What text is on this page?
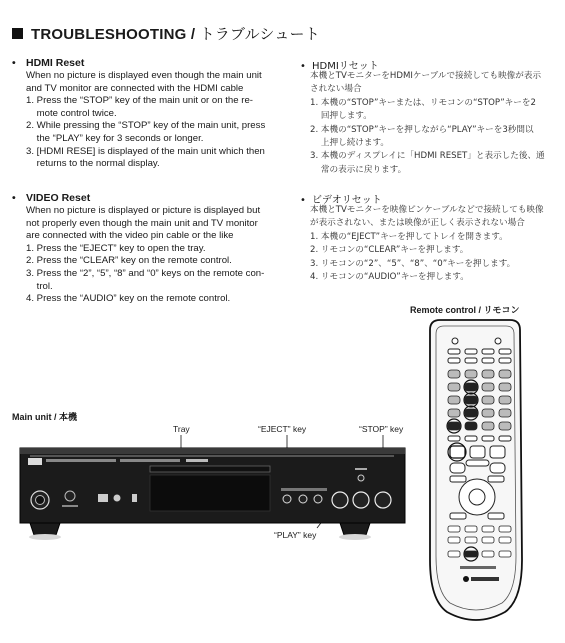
TROUBLESHOOTING / トラブルシュート
• HDMI Reset
When no picture is displayed even though the main unit
and TV monitor are connected with the HDMI cable
1. Press the “STOP” key of the main unit or on the re-
mote control twice.
2. While pressing the “STOP” key of the main unit, press
the “PLAY” key for 3 seconds or longer.
3. [HDMI RESE] is displayed of the main unit which then
returns to the normal display.
• VIDEO Reset
When no picture is displayed or picture is displayed but
not properly even though the main unit and TV monitor
are connected with the video pin cable or the like
1. Press the “EJECT” key to open the tray.
2. Press the “CLEAR” key on the remote control.
3. Press the “2”, “5”, “8” and “0” keys on the remote con-
trol.
4. Press the “AUDIO” key on the remote control.
• HDMIリセット
本機とTVモニターをHDMIケーブルで接続しても映像が表示
されない場合
1. 本機の“STOP”キーまたは、リモコンの“STOP”キーを2
回押します。
2. 本機の“STOP”キーを押しながら“PLAY”キーを3秒間以
上押し続けます。
3. 本機のディスプレイに「HDMI RESET」と表示した後、通
常の表示に戻ります。
• ビデオリセット
本機とTVモニターを映像ピンケーブルなどで接続しても映像
が表示されない、または映像が正しく表示されない場合
1. 本機の“EJECT”キーを押してトレイを開きます。
2. リモコンの“CLEAR”キーを押します。
3. リモコンの“2”、“5”、“8”、“0”キーを押します。
4. リモコンの“AUDIO”キーを押します。
Remote control / リモコン
Main unit / 本機
Tray	“EJECT” key	“STOP” key
“PLAY” key
